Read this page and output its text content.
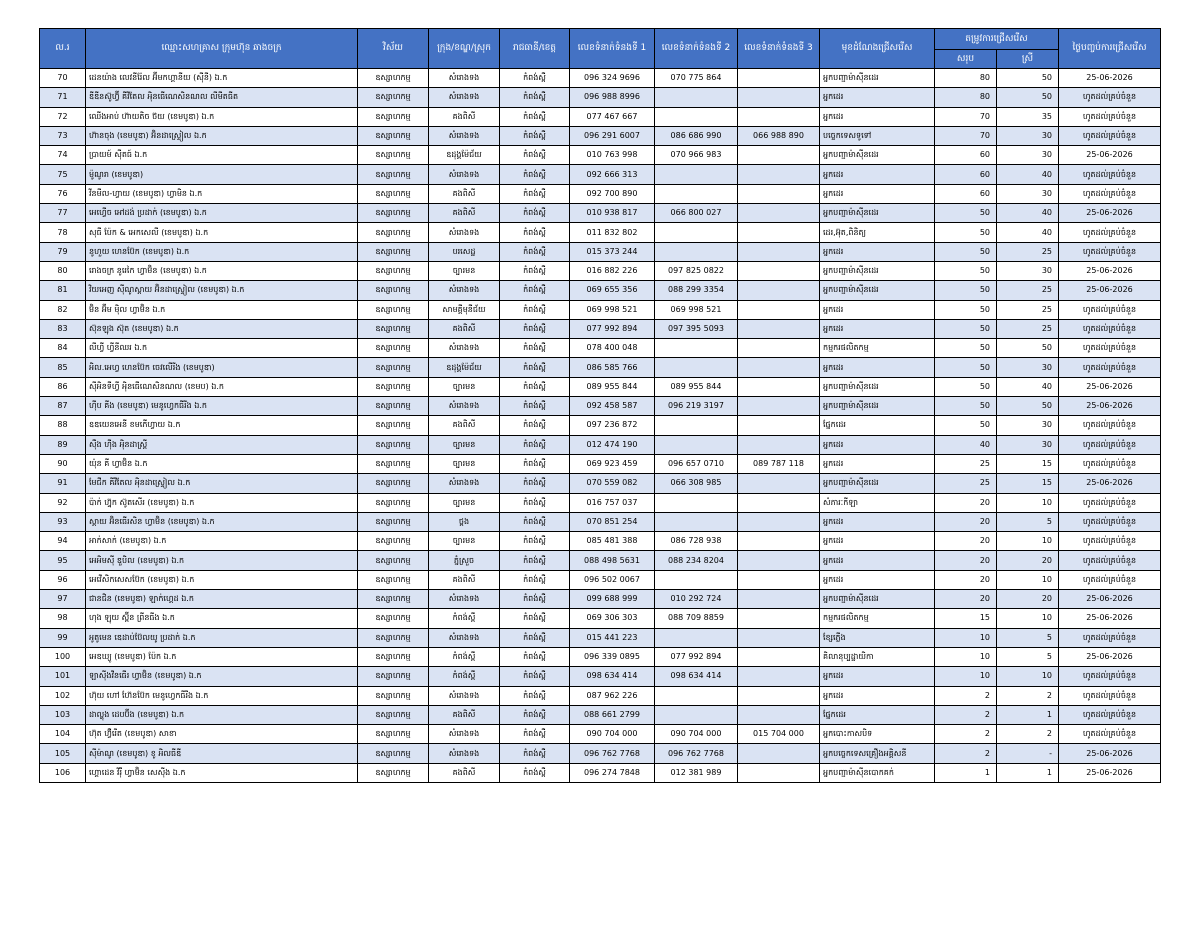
ល.រ	ឈ្មោះសហគ្រាស ក្រុមហ៊ុន ឆាងចក្រ	វិស័យ	ក្រុង/ខណ្ឌ/ស្រុក	រាជធានី/ខេត្ត	លេខទំនាក់ទំនងទី 1	លេខទំនាក់ទំនងទី 2	លេខទំនាក់ទំនងទី 3	មុខដំណែងជ្រើសរើស	តម្រូវការជ្រើសរើស		ថ្ងៃបញ្ចប់ការជ្រើសរើស
									សរុប	ស្រី	
70	ដេនយ៉ាង លេវនីរ៉ែល អ៊ីមកហ្គានីយ (ស៊ីនី) ឯ.ក	ឧស្សាហកម្ម	សំរោងទង	កំពង់ស្ពឺ	096 324 9696	070 775 864		អ្នកបញ្ជាម៉ាស៊ីនដេរ	80	50	25-06-2026
71	ឌីឌីនស៊ូហ្វ៊ី គីវីតែល អុិនធើណេសិនណល លីមីតធីត	ឧស្សាហកម្ម	សំរោងទង	កំពង់ស្ពឺ	096 988 8996			អ្នកដេរ	80	50	ហូតដល់គ្រប់ចំនួន
72	ឈើងអាប់ ហ៊ាយតិច ថ៊យ (ខេមបូឌា) ឯ.ក	ឧស្សាហកម្ម	គងពិសី	កំពង់ស្ពឺ	077 467 667			អ្នកដេរ	70	35	ហូតដល់គ្រប់ចំនួន
73	ហ៊ានចុង (ខេមបូឌា) អ៊ិនដាស្ទ្រៀល ឯ.ក	ឧស្សាហកម្ម	សំរោងទង	កំពង់ស្ពឺ	096 291 6007	086 686 990	066 988 890	បច្ចេកទេសទូទៅ	70	30	ហូតដល់គ្រប់ចំនួន
74	ប្រាយម៍ ស៊ីតធ៍ ឯ.ក	ឧស្សាហកម្ម	ឧដុង្គម៉ែជ័យ	កំពង់ស្ពឺ	010 763 998	070 966 983		អ្នកបញ្ជាម៉ាស៊ីនដេរ	60	30	25-06-2026
75	ម៉ូណូរា (ខេមបូឌា)	ឧស្សាហកម្ម	សំរោងទង	កំពង់ស្ពឺ	092 666 313			អ្នកដេរ	60	40	ហូតដល់គ្រប់ចំនួន
76	វីនមីល-ហ្វាយ (ខេមបូឌា) ហ្វាមិន ឯ.ក	ឧស្សាហកម្ម	គងពិសី	កំពង់ស្ពឺ	092 700 890			អ្នកដេរ	60	30	ហូតដល់គ្រប់ចំនួន
77	អេហ្វើច អៅដង់ ប្រដាក់ (ខេមបូឌា) ឯ.ក	ឧស្សាហកម្ម	គងពិសី	កំពង់ស្ពឺ	010 938 817	066 800 027		អ្នកបញ្ជាម៉ាស៊ីនដេរ	50	40	25-06-2026
78	សុធី ប៉ែក & អេកសេលី (ខេមបូឌា) ឯ.ក	ឧស្សាហកម្ម	សំរោងទង	កំពង់ស្ពឺ	011 832 802			ដេរ,អ៊ុត,ពិនិត្យ	50	40	ហូតដល់គ្រប់ចំនួន
79	នូហួយ ហេនប៊ែក (ខេមបូឌា) ឯ.ក	ឧស្សាហកម្ម	បរសេដ្ឋ	កំពង់ស្ពឺ	015 373 244			អ្នកដេរ	50	25	ហូតដល់គ្រប់ចំនួន
80	រោងចក្រ នូរេកៃ ហ្វាម៊ិន (ខេមបូឌា) ឯ.ក	ឧស្សាហកម្ម	ច្បារមន	កំពង់ស្ពឺ	016 882 226	097 825 0822		អ្នកបញ្ជាម៉ាស៊ីនដេរ	50	30	25-06-2026
81	វិយអេញ ស៊ីណូស្តាយ អ៊ិនដាស្ទ្រៀល (ខេមបូឌា) ឯ.ក	ឧស្សាហកម្ម	សំរោងទង	កំពង់ស្ពឺ	069 655 356	088 299 3354		អ្នកបញ្ជាម៉ាស៊ីនដេរ	50	25	25-06-2026
82	ម៊ិន អ៊ីម ម៉ិល ហ្វាម៊ិន ឯ.ក	ឧស្សាហកម្ម	សាមគ្គីមុនីជ័យ	កំពង់ស្ពឺ	069 998 521	069 998 521		អ្នកដេរ	50	25	ហូតដល់គ្រប់ចំនួន
83	ស៊ុនឡុង ស៊ុត (ខេមបូឌា) ឯ.ក	ឧស្សាហកម្ម	គងពិសី	កំពង់ស្ពឺ	077 992 894	097 395 5093		អ្នកដេរ	50	25	ហូតដល់គ្រប់ចំនួន
84	លីហ្វី ហ្វីនីឈរ ឯ.ក	ឧស្សាហកម្ម	សំរោងទង	កំពង់ស្ពឺ	078 400 048			កម្មករផលិតកម្ម	50	50	ហូតដល់គ្រប់ចំនួន
85	អិល.អេហ្វ ហេនប៊ែក ចេវលើរីង (ខេមបូឌា)	ឧស្សាហកម្ម	ឧដុង្គម៉ែជ័យ	កំពង់ស្ពឺ	086 585 766			អ្នកដេរ	50	30	ហូតដល់គ្រប់ចំនួន
86	ស៊ីអិនទីហ្វី អុិនធើណេសិនណល (ខេមប) ឯ.ក	ឧស្សាហកម្ម	ច្បារមន	កំពង់ស្ពឺ	089 955 844	089 955 844		អ្នកបញ្ជាម៉ាស៊ីនដេរ	50	40	25-06-2026
87	ហ៊ីប គីង (ខេមបូឌា) មេនូហ្វេកធីរីង ឯ.ក	ឧស្សាហកម្ម	សំរោងទង	កំពង់ស្ពឺ	092 458 587	096 219 3197		អ្នកបញ្ជាម៉ាស៊ីនដេរ	50	50	25-06-2026
88	ឧឌយេនអេនី ខមភើហ្វាយ ឯ.ក	ឧស្សាហកម្ម	គងពិសី	កំពង់ស្ពឺ	097 236 872			ផ្នែកដេរ	50	30	ហូតដល់គ្រប់ចំនួន
89	ស៊ឺង ហ៊ីង អុិនដាស្ត្រី	ឧស្សាហកម្ម	ច្បារមន	កំពង់ស្ពឺ	012 474 190			អ្នកដេរ	40	30	ហូតដល់គ្រប់ចំនួន
90	យ៉ុន គី ហ្វាម៊ិន ឯ.ក	ឧស្សាហកម្ម	ច្បារមន	កំពង់ស្ពឺ	069 923 459	096 657 0710	089 787 118	អ្នកដេរ	25	15	ហូតដល់គ្រប់ចំនួន
91	មែជីក គីវីតែល អុិនដាស្ទ្រៀល ឯ.ក	ឧស្សាហកម្ម	សំរោងទង	កំពង់ស្ពឺ	070 559 082	066 308 985		អ្នកបញ្ជាម៉ាស៊ីនដេរ	25	15	25-06-2026
92	ប៉ាក់ ហ្វ៊ុក ស៊ូតសើរ (ខេមបូឌា) ឯ.ក	ឧស្សាហកម្ម	ច្បារមន	កំពង់ស្ពឺ	016 757 037			សំភារៈកីឡា	20	10	ហូតដល់គ្រប់ចំនួន
93	ស្តាយ អ៊ិនធើរសិន ហ្វាម៊ិន (ខេមបូឌា) ឯ.ក	ឧស្សាហកម្ម	ថ្ពង	កំពង់ស្ពឺ	070 851 254			អ្នកដេរ	20	5	ហូតដល់គ្រប់ចំនួន
94	អាក់សាក់ (ខេមបូឌា) ឯ.ក	ឧស្សាហកម្ម	ច្បារមន	កំពង់ស្ពឺ	085 481 388	086 728 938		អ្នកដេរ	20	10	ហូតដល់គ្រប់ចំនួន
95	អេអិមស៊ី ឌួបិល (ខេមបូឌា) ឯ.ក	ឧស្សាហកម្ម	ភ្នំស្រួច	កំពង់ស្ពឺ	088 498 5631	088 234 8204		អ្នកដេរ	20	20	ហូតដល់គ្រប់ចំនួន
96	អេវើសិកសេសប៊ែក (ខេមបូឌា) ឯ.ក	ឧស្សាហកម្ម	គងពិសី	កំពង់ស្ពឺ	096 502 0067			អ្នកដេរ	20	10	ហូតដល់គ្រប់ចំនួន
97	ជានជិន (ខេមបូឌា) ឡាក់ហ្គេដ ឯ.ក	ឧស្សាហកម្ម	សំរោងទង	កំពង់ស្ពឺ	099 688 999	010 292 724		អ្នកបញ្ជាម៉ាស៊ីនដេរ	20	20	25-06-2026
98	ហុង ឡុយ ស្ព៊ីន ព្រីនធីង ឯ.ក	ឧស្សាហកម្ម	កំពង់ស្ពឺ	កំពង់ស្ពឺ	069 306 303	088 709 8859		កម្មករផលិតកម្ម	15	10	25-06-2026
99	អូតូមេន ឌេដាប់ប៊ែលយូ ប្រដាក់ ឯ.ក	ឧស្សាហកម្ម	សំរោងទង	កំពង់ស្ពឺ	015 441 223			ខ្សែភ្លើង	10	5	ហូតដល់គ្រប់ចំនួន
100	អេឌឃ្យូ (ខេមបូឌា) ប៉ែក ឯ.ក	ឧស្សាហកម្ម	កំពង់ស្ពឺ	កំពង់ស្ពឺ	096 339 0895	077 992 894		គិលានុប្បដ្ឋាយិកា	10	5	25-06-2026
101	ឡាស៊ីងវីនធើរ ហ្វាម៊ិន (ខេមបូឌា) ឯ.ក	ឧស្សាហកម្ម	កំពង់ស្ពឺ	កំពង់ស្ពឺ	098 634 414	098 634 414		អ្នកដេរ	10	10	ហូតដល់គ្រប់ចំនួន
102	ហ៊ុយ ហៅ ហ៊ែនប៊ែក មេនូហ្វេកធីរីង ឯ.ក	ឧស្សាហកម្ម	សំរោងទង	កំពង់ស្ពឺ	087 962 226			អ្នកដេរ	2	2	ហូតដល់គ្រប់ចំនួន
103	ដាល្ហុង ដេបប៊ីង (ខេមបូឌា) ឯ.ក	ឧស្សាហកម្ម	គងពិសី	កំពង់ស្ពឺ	088 661 2799			ផ្នែកដេរ	2	1	ហូតដល់គ្រប់ចំនួន
104	ហ៊ុត ហ៊្វឺរើត (ខេមបូឌា) សាខា	ឧស្សាហកម្ម	សំរោងទង	កំពង់ស្ពឺ	090 704 000	090 704 000	015 704 000	អ្នកបោះកាសបិទ	2	2	ហូតដល់គ្រប់ចំនួន
105	ស៊ីម៉ាណូ (ខេមបូឌា) ខូ អិលធីឌី	ឧស្សាហកម្ម	សំរោងទង	កំពង់ស្ពឺ	096 762 7768	096 762 7768		អ្នកបច្ចេកទេសគ្រឿងអគ្គិសនី	2	-	25-06-2026
106	ហ្គោដេន វីរ៉ឹ ហ្វាម៊ិន សេស៊ីង ឯ.ក	ឧស្សាហកម្ម	គងពិសី	កំពង់ស្ពឺ	096 274 7848	012 381 989		អ្នកបញ្ជាម៉ាស៊ីនបោកគក់	1	1	25-06-2026
